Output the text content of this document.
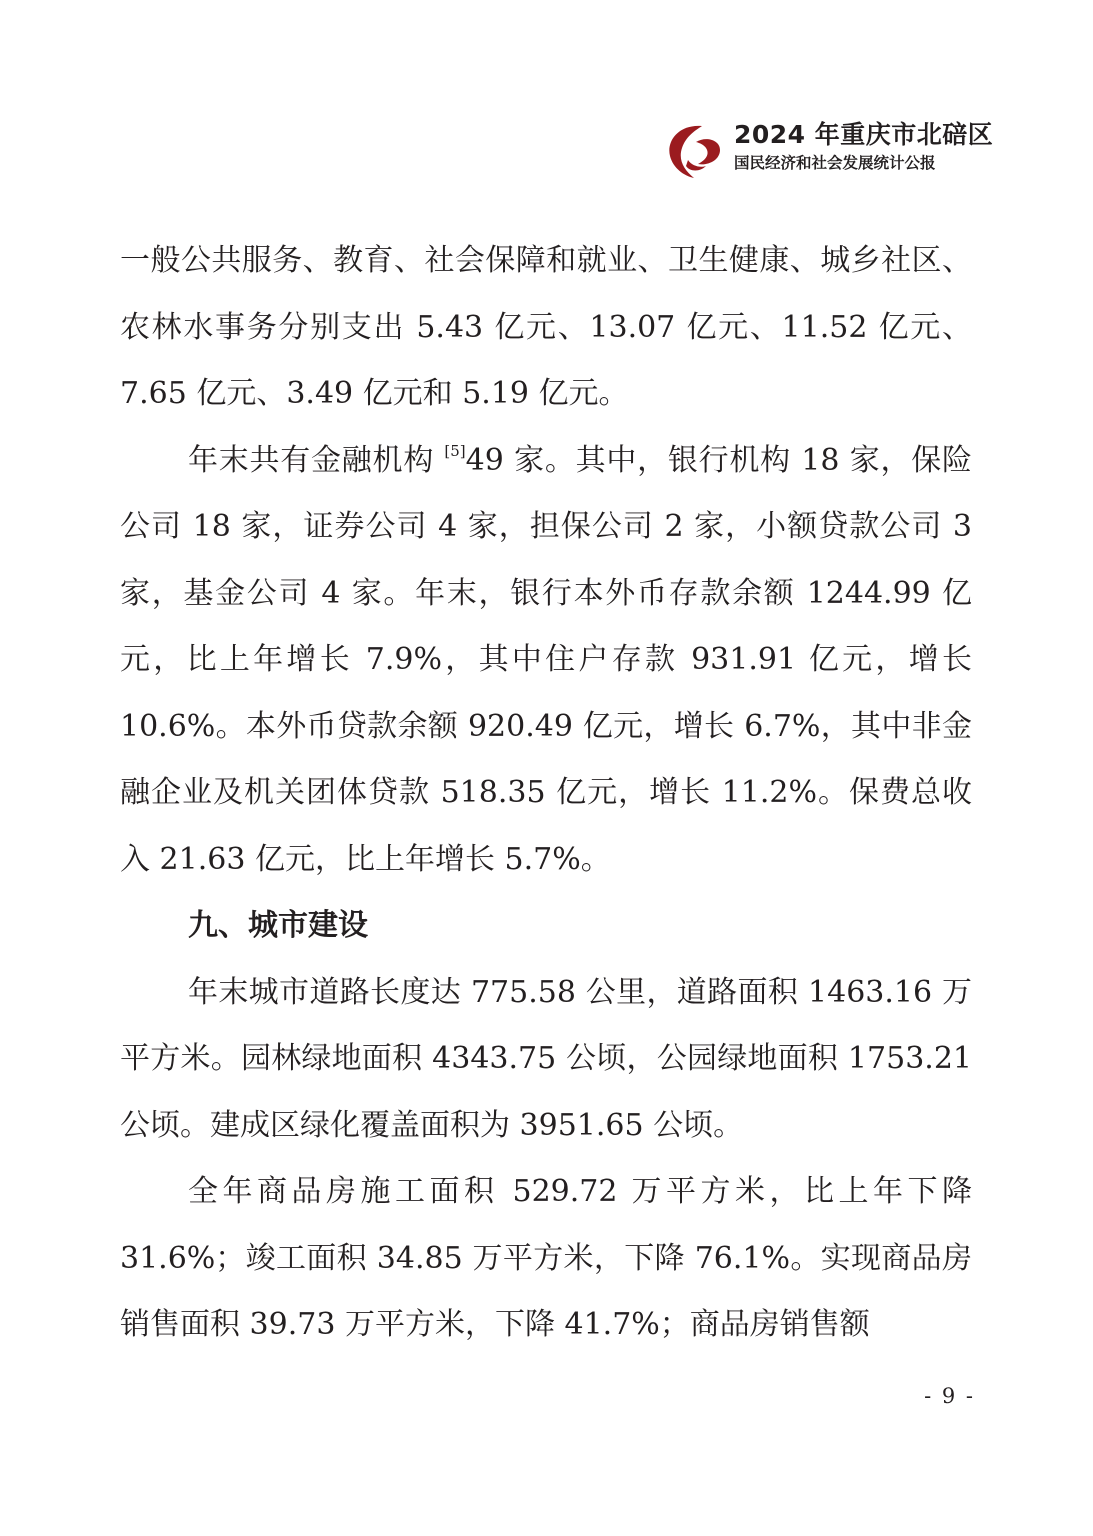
2024 年重庆市北碚区
国民经济和社会发展统计公报

一般公共服务、教育、社会保障和就业、卫生健康、城乡社区、农林水事务分别支出 5.43 亿元、13.07 亿元、11.52 亿元、7.65 亿元、3.49 亿元和 5.19 亿元。

年末共有金融机构 [5]49 家。其中，银行机构 18 家，保险公司 18 家，证券公司 4 家，担保公司 2 家，小额贷款公司 3 家，基金公司 4 家。年末，银行本外币存款余额 1244.99 亿元，比上年增长 7.9%，其中住户存款 931.91 亿元，增长 10.6%。本外币贷款余额 920.49 亿元，增长 6.7%，其中非金融企业及机关团体贷款 518.35 亿元，增长 11.2%。保费总收入 21.63 亿元，比上年增长 5.7%。

九、城市建设

年末城市道路长度达 775.58 公里，道路面积 1463.16 万平方米。园林绿地面积 4343.75 公顷，公园绿地面积 1753.21 公顷。建成区绿化覆盖面积为 3951.65 公顷。

全年商品房施工面积 529.72 万平方米，比上年下降 31.6%；竣工面积 34.85 万平方米，下降 76.1%。实现商品房销售面积 39.73 万平方米，下降 41.7%；商品房销售额

- 9 -
